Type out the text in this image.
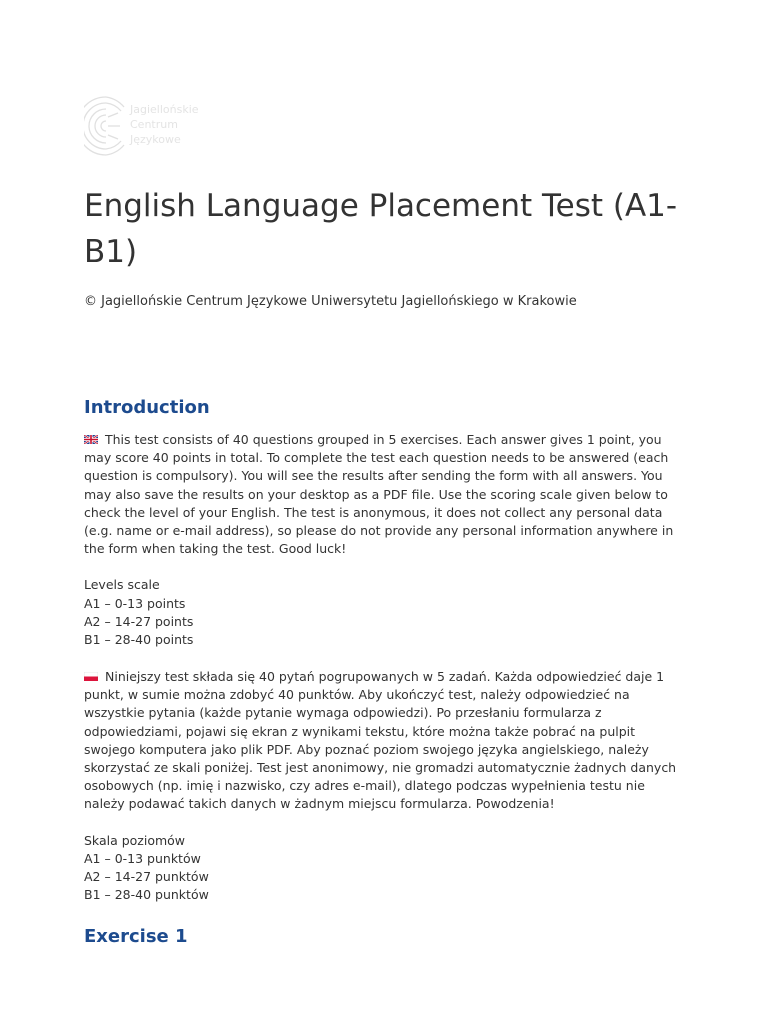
Jagiellońskie
Centrum
Językowe
English Language Placement Test (A1-B1)

© Jagiellońskie Centrum Językowe Uniwersytetu Jagiellońskiego w Krakowie

Introduction

This test consists of 40 questions grouped in 5 exercises. Each answer gives 1 point, you may score 40 points in total. To complete the test each question needs to be answered (each question is compulsory). You will see the results after sending the form with all answers. You may also save the results on your desktop as a PDF file. Use the scoring scale given below to check the level of your English. The test is anonymous, it does not collect any personal data (e.g. name or e-mail address), so please do not provide any personal information anywhere in the form when taking the test. Good luck!

Levels scale
A1 – 0-13 points
A2 – 14-27 points
B1 – 28-40 points

Niniejszy test składa się 40 pytań pogrupowanych w 5 zadań. Każda odpowiedzieć daje 1 punkt, w sumie można zdobyć 40 punktów. Aby ukończyć test, należy odpowiedzieć na wszystkie pytania (każde pytanie wymaga odpowiedzi). Po przesłaniu formularza z odpowiedziami, pojawi się ekran z wynikami tekstu, które można także pobrać na pulpit swojego komputera jako plik PDF. Aby poznać poziom swojego języka angielskiego, należy skorzystać ze skali poniżej. Test jest anonimowy, nie gromadzi automatycznie żadnych danych osobowych (np. imię i nazwisko, czy adres e-mail), dlatego podczas wypełnienia testu nie należy podawać takich danych w żadnym miejscu formularza. Powodzenia!

Skala poziomów
A1 – 0-13 punktów
A2 – 14-27 punktów
B1 – 28-40 punktów
Exercise 1
